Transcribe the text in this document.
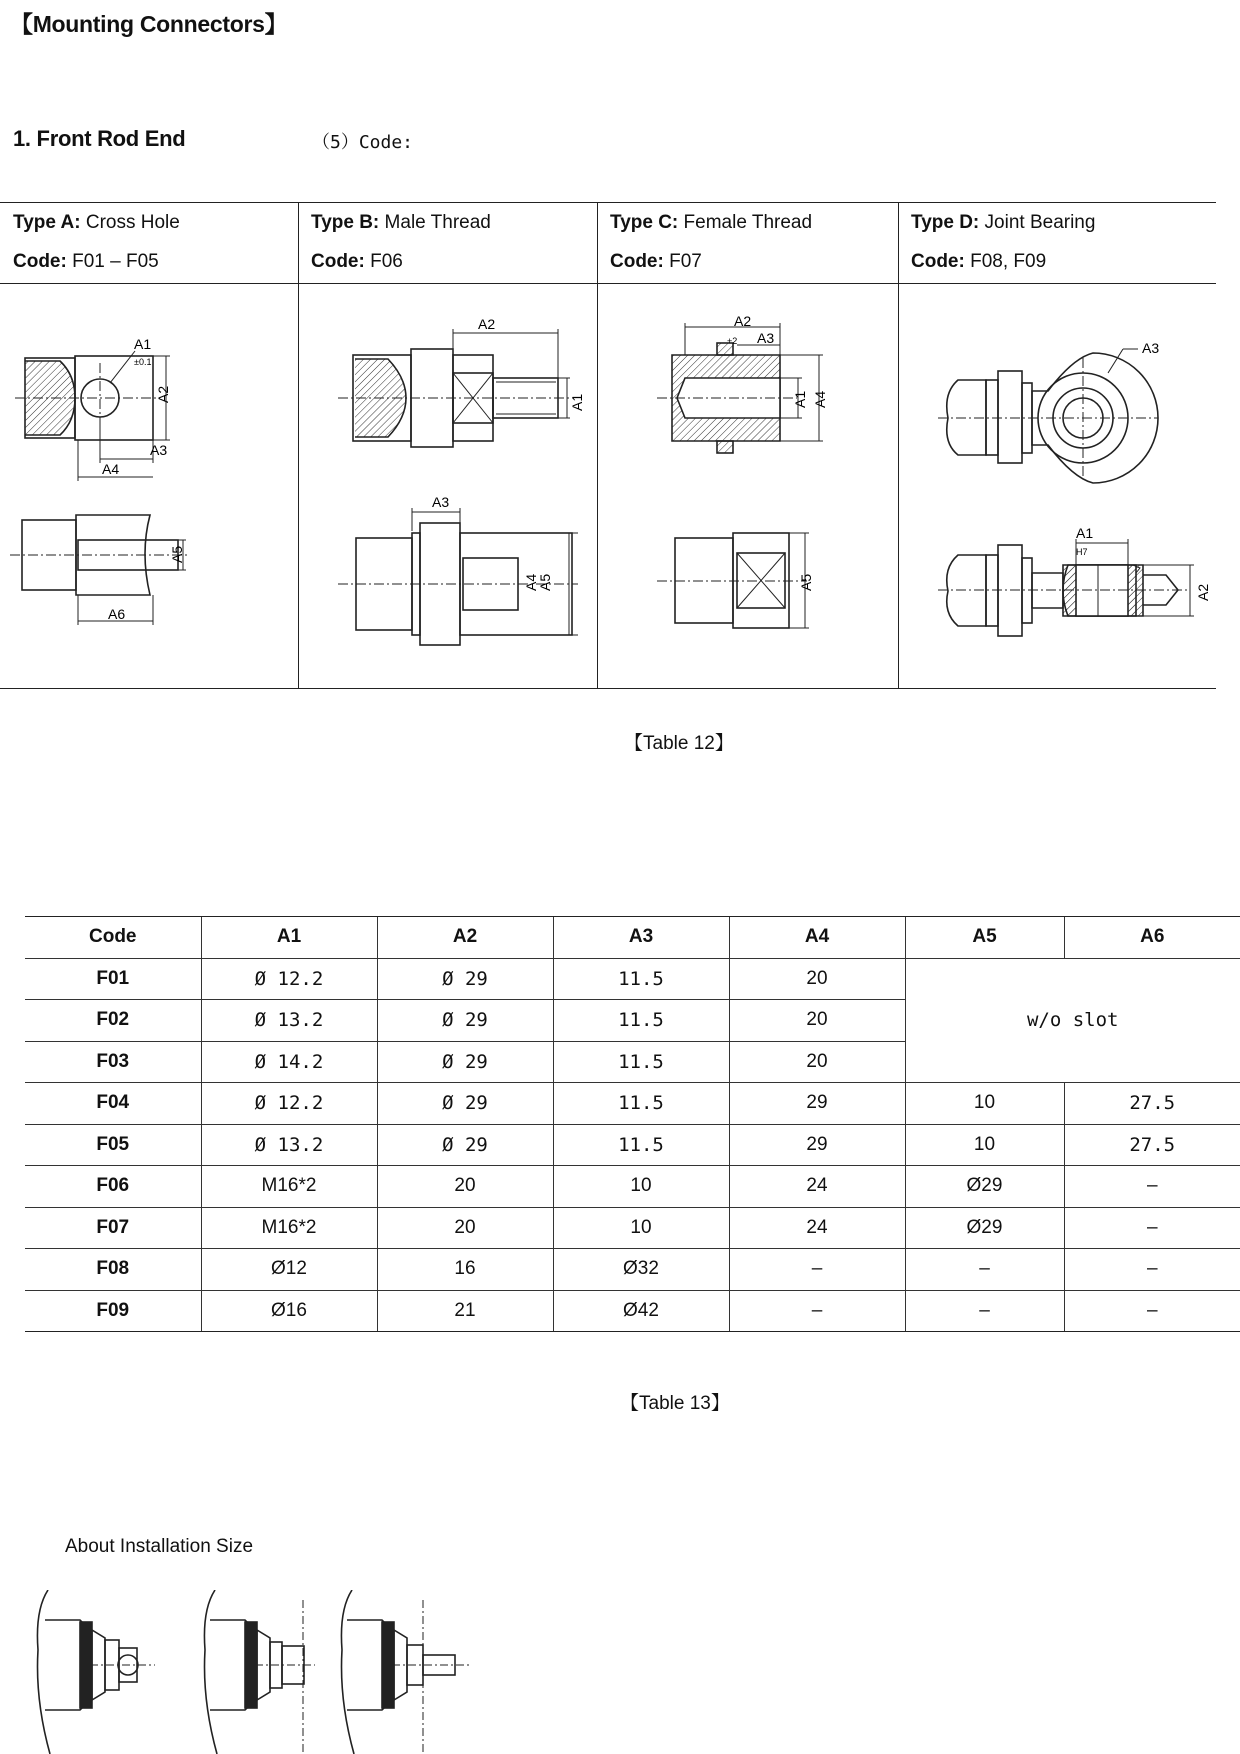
【Mounting Connectors】
1. Front Rod End	（5）Code:
Type A: Cross Hole
Code: F01 – F05
Type B: Male Thread
Code: F06
Type C: Female Thread
Code: F07
Type D: Joint Bearing
Code: F08, F09
A1
±0.1
A2
A3
A4
A5
A6
A2
A1
A3
A4
A5
A2
+2 A3
A1 A4
A5
A3
A1
H7
A2
【Table 12】
Code	A1	A2	A3	A4	A5	A6
F01	Ø 12.2	Ø 29	11.5	20	w/o slot	
F02	Ø 13.2	Ø 29	11.5	20		
F03	Ø 14.2	Ø 29	11.5	20		
F04	Ø 12.2	Ø 29	11.5	29	10	27.5
F05	Ø 13.2	Ø 29	11.5	29	10	27.5
F06	M16*2	20	10	24	Ø29	–
F07	M16*2	20	10	24	Ø29	–
F08	Ø12	16	Ø32	–	–	–
F09	Ø16	21	Ø42	–	–	–
【Table 13】
About Installation Size
